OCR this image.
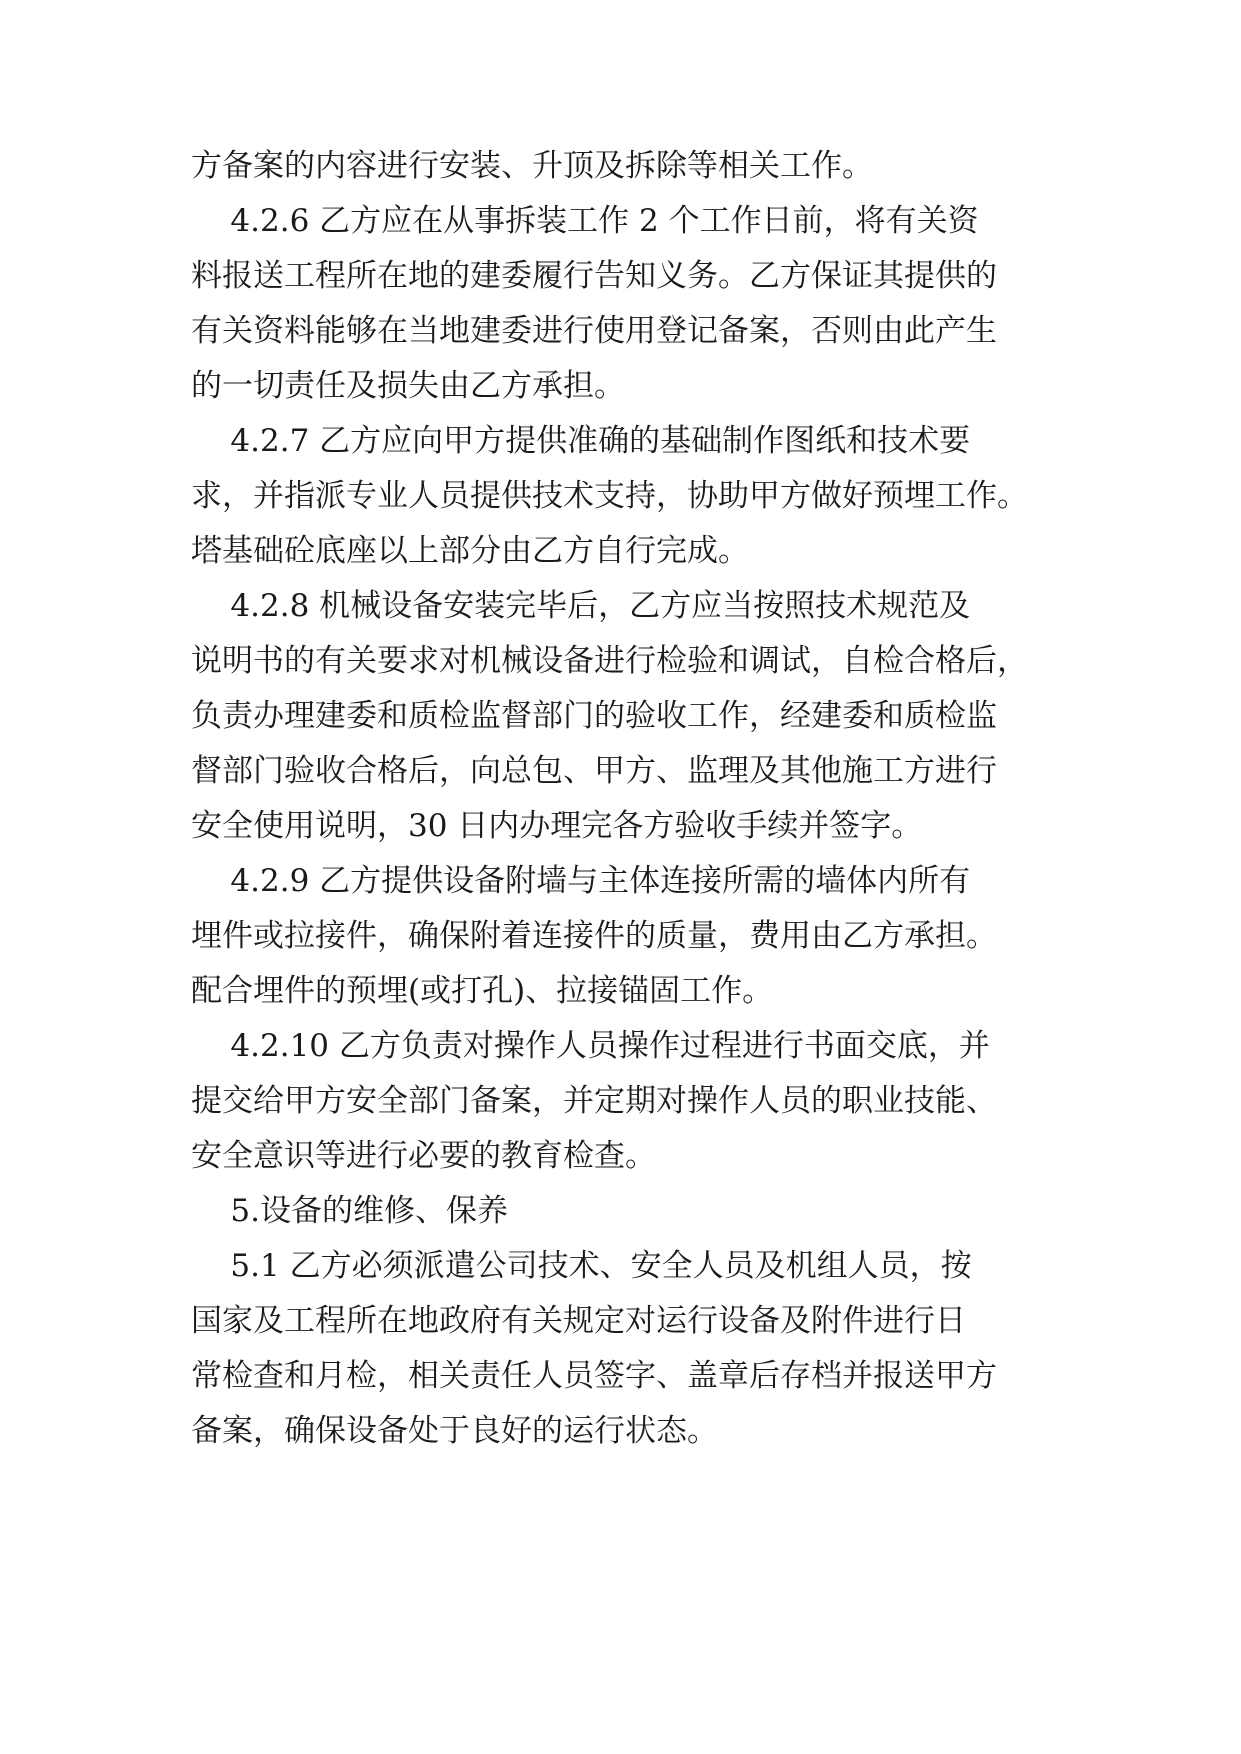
方备案的内容进行安装、升顶及拆除等相关工作。

4.2.6 乙方应在从事拆装工作 2 个工作日前，将有关资

料报送工程所在地的建委履行告知义务。乙方保证其提供的

有关资料能够在当地建委进行使用登记备案，否则由此产生

的一切责任及损失由乙方承担。

4.2.7 乙方应向甲方提供准确的基础制作图纸和技术要

求，并指派专业人员提供技术支持，协助甲方做好预埋工作。

塔基础砼底座以上部分由乙方自行完成。

4.2.8 机械设备安装完毕后，乙方应当按照技术规范及

说明书的有关要求对机械设备进行检验和调试，自检合格后，

负责办理建委和质检监督部门的验收工作，经建委和质检监

督部门验收合格后，向总包、甲方、监理及其他施工方进行

安全使用说明，30 日内办理完各方验收手续并签字。

4.2.9 乙方提供设备附墙与主体连接所需的墙体内所有

埋件或拉接件，确保附着连接件的质量，费用由乙方承担。

配合埋件的预埋(或打孔)、拉接锚固工作。

4.2.10 乙方负责对操作人员操作过程进行书面交底，并

提交给甲方安全部门备案，并定期对操作人员的职业技能、

安全意识等进行必要的教育检查。

5.设备的维修、保养

5.1 乙方必须派遣公司技术、安全人员及机组人员，按

国家及工程所在地政府有关规定对运行设备及附件进行日

常检查和月检，相关责任人员签字、盖章后存档并报送甲方

备案，确保设备处于良好的运行状态。
